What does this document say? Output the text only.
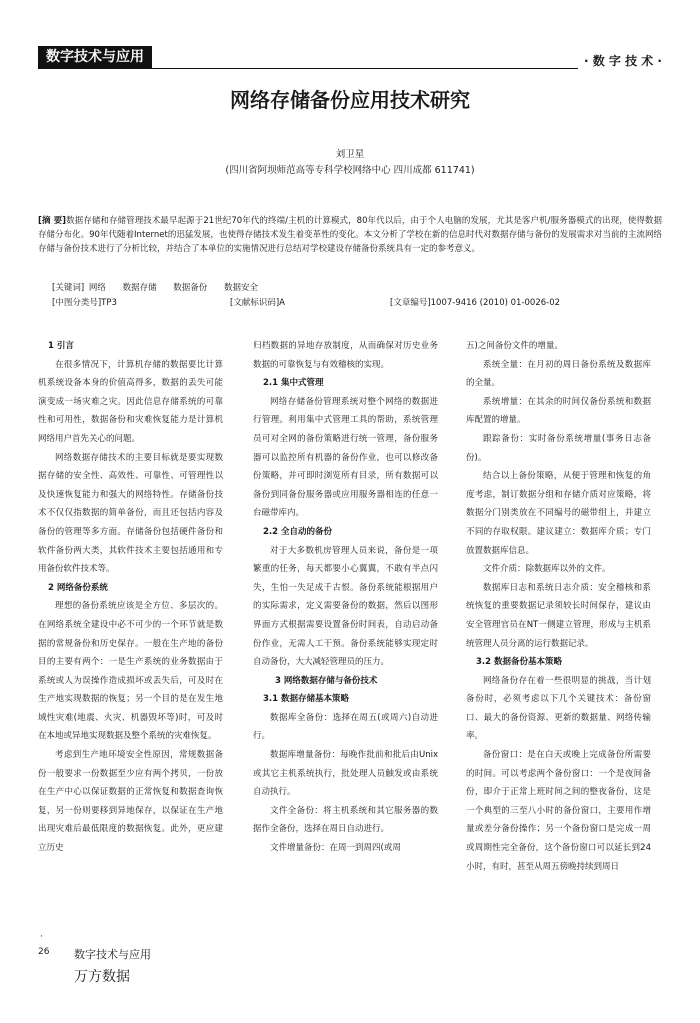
数字技术与应用	· 数 字 技 术 ·
网络存储备份应用技术研究
刘卫星
(四川省阿坝师范高等专科学校网络中心 四川成都 611741)
[摘 要]数据存储和存储管理技术最早起源于21世纪70年代的终端/主机的计算模式，80年代以后，由于个人电脑的发展，尤其是客户机/服务器模式的出现，使得数据存储分布化。90年代随着Internet的迅猛发展，也使得存储技术发生着变革性的变化。本文分析了学校在新的信息时代对数据存储与备份的发展需求对当前的主流网络存储与备份技术进行了分析比较，并结合了本单位的实施情况进行总结对学校建设存储备份系统具有一定的参考意义。
[关键词] 网络 数据存储 数据备份 数据安全
[中图分类号]TP3	[文献标识码]A	[文章编号]1007-9416 (2010) 01-0026-02
1 引言

在很多情况下，计算机存储的数据要比计算机系统设备本身的价值高得多，数据的丢失可能演变成一场灾难之灾。因此信息存储系统的可靠性和可用性，数据备份和灾难恢复能力是计算机网络用户首先关心的问题。

网络数据存储技术的主要目标就是要实现数据存储的安全性、高效性、可靠性、可管理性以及快速恢复能力和强大的网络特性。存储备份技术不仅仅指数据的简单备份，而且还包括内容及备份的管理等多方面。存储备份包括硬件备份和软件备份两大类，其软件技术主要包括通用和专用备份软件技术等。

2 网络备份系统

理想的备份系统应该是全方位、多层次的。在网络系统全建设中必不可少的一个环节就是数据的常规备份和历史保存。一般在生产地的备份目的主要有两个：一是生产系统的业务数据由于系统或人为误操作造成损坏或丢失后，可及时在生产地实现数据的恢复；另一个目的是在发生地域性灾难(地震、火灾、机器毁坏等)时，可及时在本地或异地实现数据及整个系统的灾难恢复。

考虑到生产地环境安全性原因，常规数据备份一般要求一份数据至少应有两个拷贝，一份放在生产中心以保证数据的正常恢复和数据查询恢复，另一份则要移到异地保存，以保证在生产地出现灾难后最低限度的数据恢复。此外，更应建立历史

归档数据的异地存放制度，从而确保对历史业务数据的可靠恢复与有效稽核的实现。

2.1 集中式管理

网络存储备份管理系统对整个网络的数据进行管理。利用集中式管理工具的帮助，系统管理员可对全网的备份策略进行统一管理，备份服务器可以监控所有机器的备份作业，也可以修改备份策略，并可即时浏览所有目录，所有数据可以备份到同备份服务器或应用服务器相连的任意一台磁带库内。

2.2 全自动的备份

对于大多数机房管理人员来说，备份是一项繁重的任务，每天都要小心翼翼，不敢有半点闪失，生怕一失足成千古恨。备份系统能根据用户的实际需求，定义需要备份的数据，然后以图形界面方式根据需要设置备份时间表，自动启动备份作业，无需人工干预。备份系统能够实现定时自动备份，大大减轻管理员的压力。

3 网络数据存储与备份技术
3.1 数据存储基本策略

数据库全备份：选择在周五(或周六)自动进行。

数据库增量备份：每晚作批前和批后由Unix或其它主机系统执行，批处理人员触发或由系统自动执行。

文件全备份：将主机系统和其它服务器的数据作全备份，选择在周日自动进行。

文件增量备份：在周一到周四(或周

五)之间备份文件的增量。

系统全量：在月初的周日备份系统及数据库的全量。

系统增量：在其余的时间仅备份系统和数据库配置的增量。

跟踪备份：实时备份系统增量(事务日志备份)。

结合以上备份策略，从便于管理和恢复的角度考虑，制订数据分组和存储介质对应策略，将数据分门别类放在不同编号的磁带组上，并建立不同的存取权限。建议建立：数据库介质；专门放置数据库信息。

文件介质：除数据库以外的文件。

数据库日志和系统日志介质：安全稽核和系统恢复的重要数据记录须较长时间保存，建议由安全管理官员在NT一侧建立管理，形成与主机系统管理人员分离的运行数据记录。

3.2 数据备份基本策略

网络备份存在着一些很明显的挑战，当计划备份时，必须考虑以下几个关键技术：备份窗口、最大的备份资源、更新的数据量、网络传输率。

备份窗口：是在白天或晚上完成备份所需要的时间。可以考虑两个备份窗口：一个是夜间备份，即介于正常上班时间之间的整夜备份，这是一个典型的三至八小时的备份窗口，主要用作增量或差分备份操作；另一个备份窗口是完成一周或周期性完全备份，这个备份窗口可以延长到24小时，有时，甚至从周五傍晚持续到周日

·
26 数字技术与应用
万方数据
